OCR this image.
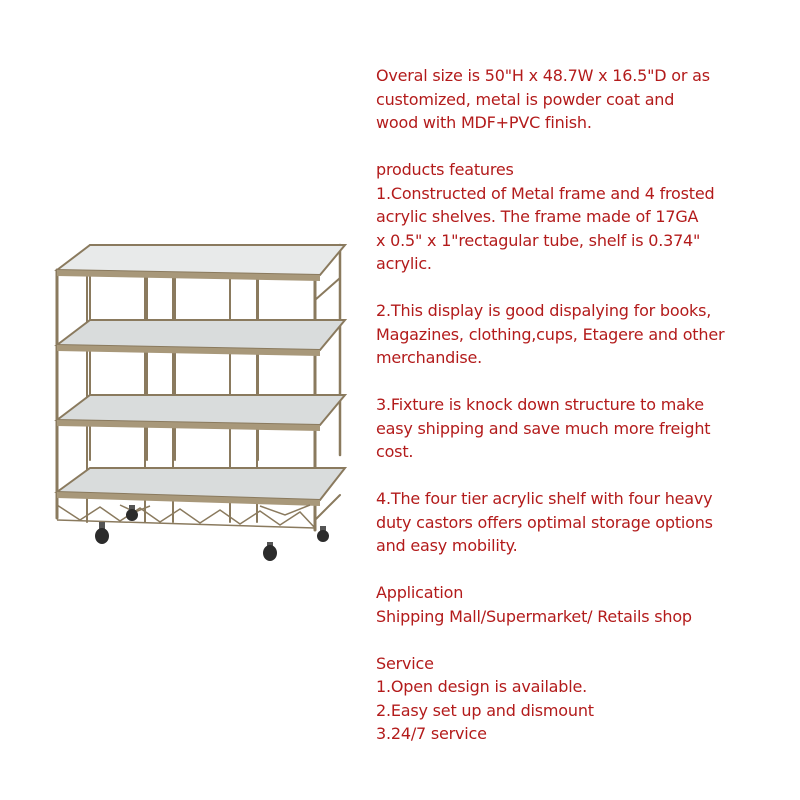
Overal size is 50"H x 48.7W x 16.5"D or as
customized, metal is powder coat and
wood with MDF+PVC finish.
products features
1.Constructed of Metal frame and 4 frosted
acrylic shelves. The frame made of 17GA
x 0.5" x 1"rectagular tube, shelf is 0.374"
acrylic.
2.This display is good dispalying for books,
Magazines, clothing,cups, Etagere and other
merchandise.
3.Fixture is knock down structure to make
easy shipping and save much more freight
cost.
4.The four tier acrylic shelf with four heavy
duty castors offers optimal storage options
and easy mobility.
Application
Shipping Mall/Supermarket/ Retails shop
Service
1.Open design is available.
2.Easy set up and dismount
3.24/7 service
